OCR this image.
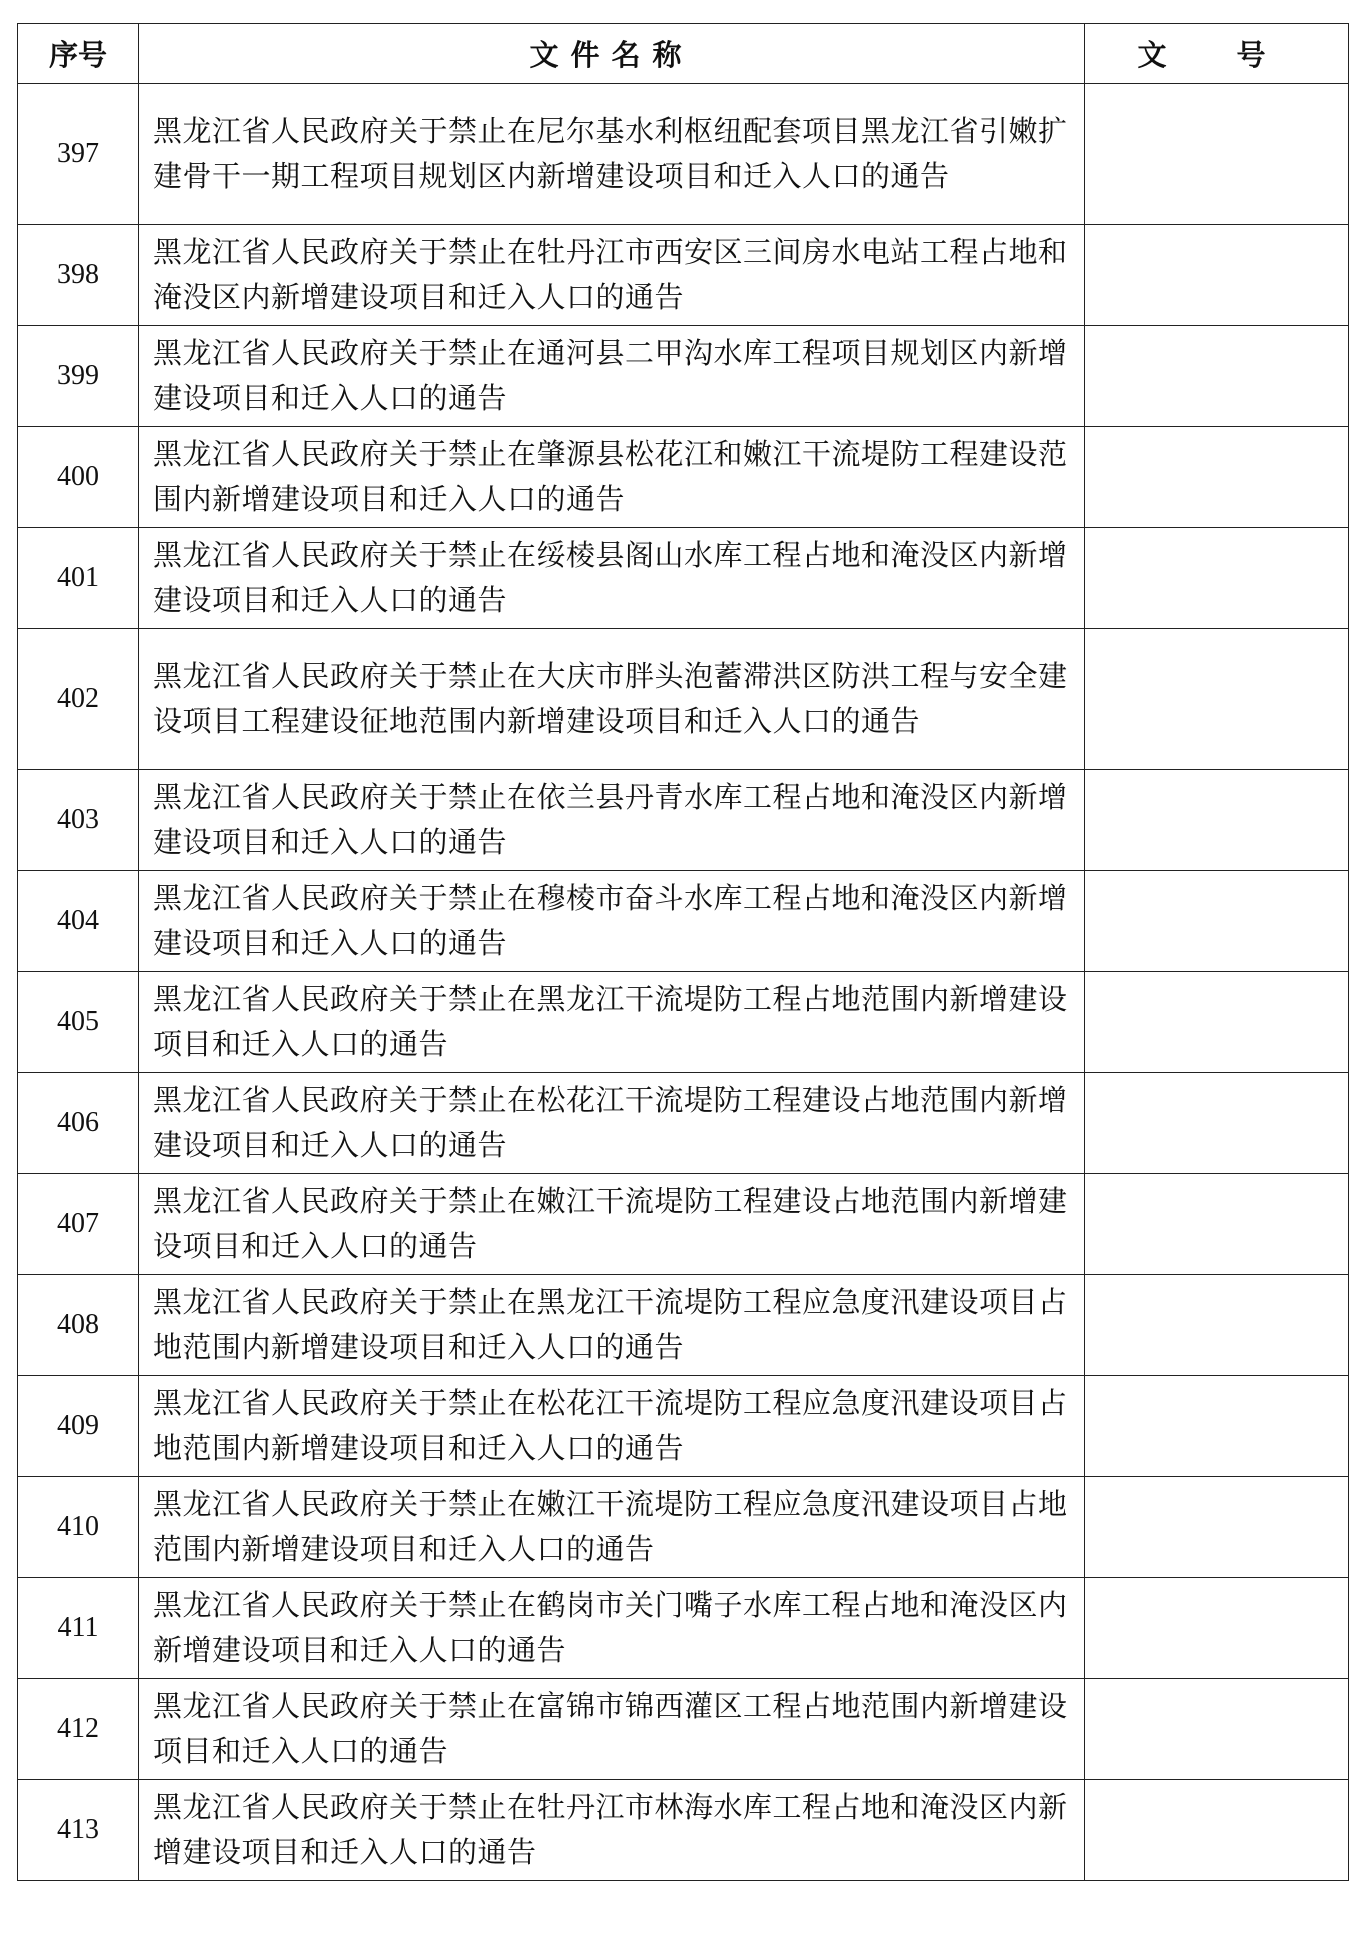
序号	文件名称	文 号
397	黑龙江省人民政府关于禁止在尼尔基水利枢纽配套项目黑龙江省引嫩扩建骨干一期工程项目规划区内新增建设项目和迁入人口的通告	
398	黑龙江省人民政府关于禁止在牡丹江市西安区三间房水电站工程占地和淹没区内新增建设项目和迁入人口的通告	
399	黑龙江省人民政府关于禁止在通河县二甲沟水库工程项目规划区内新增建设项目和迁入人口的通告	
400	黑龙江省人民政府关于禁止在肇源县松花江和嫩江干流堤防工程建设范围内新增建设项目和迁入人口的通告	
401	黑龙江省人民政府关于禁止在绥棱县阁山水库工程占地和淹没区内新增建设项目和迁入人口的通告	
402	黑龙江省人民政府关于禁止在大庆市胖头泡蓄滞洪区防洪工程与安全建设项目工程建设征地范围内新增建设项目和迁入人口的通告	
403	黑龙江省人民政府关于禁止在依兰县丹青水库工程占地和淹没区内新增建设项目和迁入人口的通告	
404	黑龙江省人民政府关于禁止在穆棱市奋斗水库工程占地和淹没区内新增建设项目和迁入人口的通告	
405	黑龙江省人民政府关于禁止在黑龙江干流堤防工程占地范围内新增建设项目和迁入人口的通告	
406	黑龙江省人民政府关于禁止在松花江干流堤防工程建设占地范围内新增建设项目和迁入人口的通告	
407	黑龙江省人民政府关于禁止在嫩江干流堤防工程建设占地范围内新增建设项目和迁入人口的通告	
408	黑龙江省人民政府关于禁止在黑龙江干流堤防工程应急度汛建设项目占地范围内新增建设项目和迁入人口的通告	
409	黑龙江省人民政府关于禁止在松花江干流堤防工程应急度汛建设项目占地范围内新增建设项目和迁入人口的通告	
410	黑龙江省人民政府关于禁止在嫩江干流堤防工程应急度汛建设项目占地范围内新增建设项目和迁入人口的通告	
411	黑龙江省人民政府关于禁止在鹤岗市关门嘴子水库工程占地和淹没区内新增建设项目和迁入人口的通告	
412	黑龙江省人民政府关于禁止在富锦市锦西灌区工程占地范围内新增建设项目和迁入人口的通告	
413	黑龙江省人民政府关于禁止在牡丹江市林海水库工程占地和淹没区内新增建设项目和迁入人口的通告	
